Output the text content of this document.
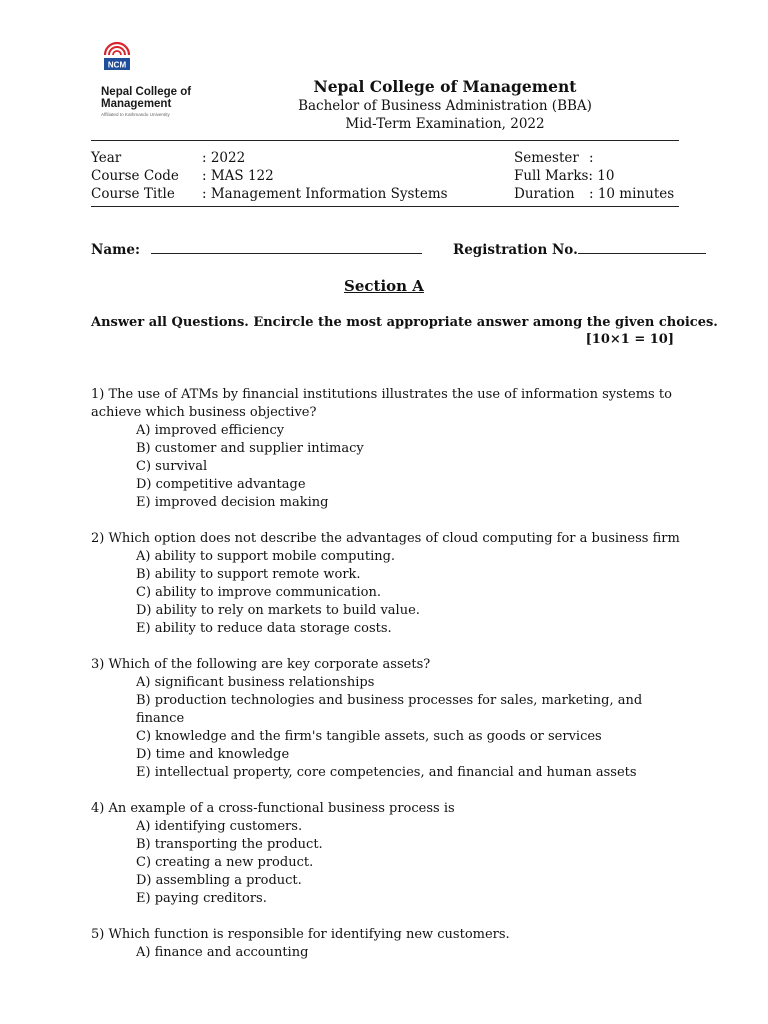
NCM
Nepal College of
Management
Affiliated to Kathmandu University
Nepal College of Management
Bachelor of Business Administration (BBA)
Mid-Term Examination, 2022
Year	: 2022
Course Code : MAS 122
Course Title : Management Information Systems
Semester :
Full Marks: 10
Duration : 10 minutes
Name:	Registration No.
Section A
Answer all Questions. Encircle the most appropriate answer among the given choices.
[10×1 = 10]

1) The use of ATMs by financial institutions illustrates the use of information systems to achieve which business objective?

A) improved efficiency

B) customer and supplier intimacy

C) survival

D) competitive advantage

E) improved decision making

2) Which option does not describe the advantages of cloud computing for a business firm

A) ability to support mobile computing.

B) ability to support remote work.

C) ability to improve communication.

D) ability to rely on markets to build value.

E) ability to reduce data storage costs.

3) Which of the following are key corporate assets?

A) significant business relationships

B) production technologies and business processes for sales, marketing, and finance

C) knowledge and the firm's tangible assets, such as goods or services

D) time and knowledge

E) intellectual property, core competencies, and financial and human assets

4) An example of a cross-functional business process is

A) identifying customers.

B) transporting the product.

C) creating a new product.

D) assembling a product.

E) paying creditors.

5) Which function is responsible for identifying new customers.

A) finance and accounting
